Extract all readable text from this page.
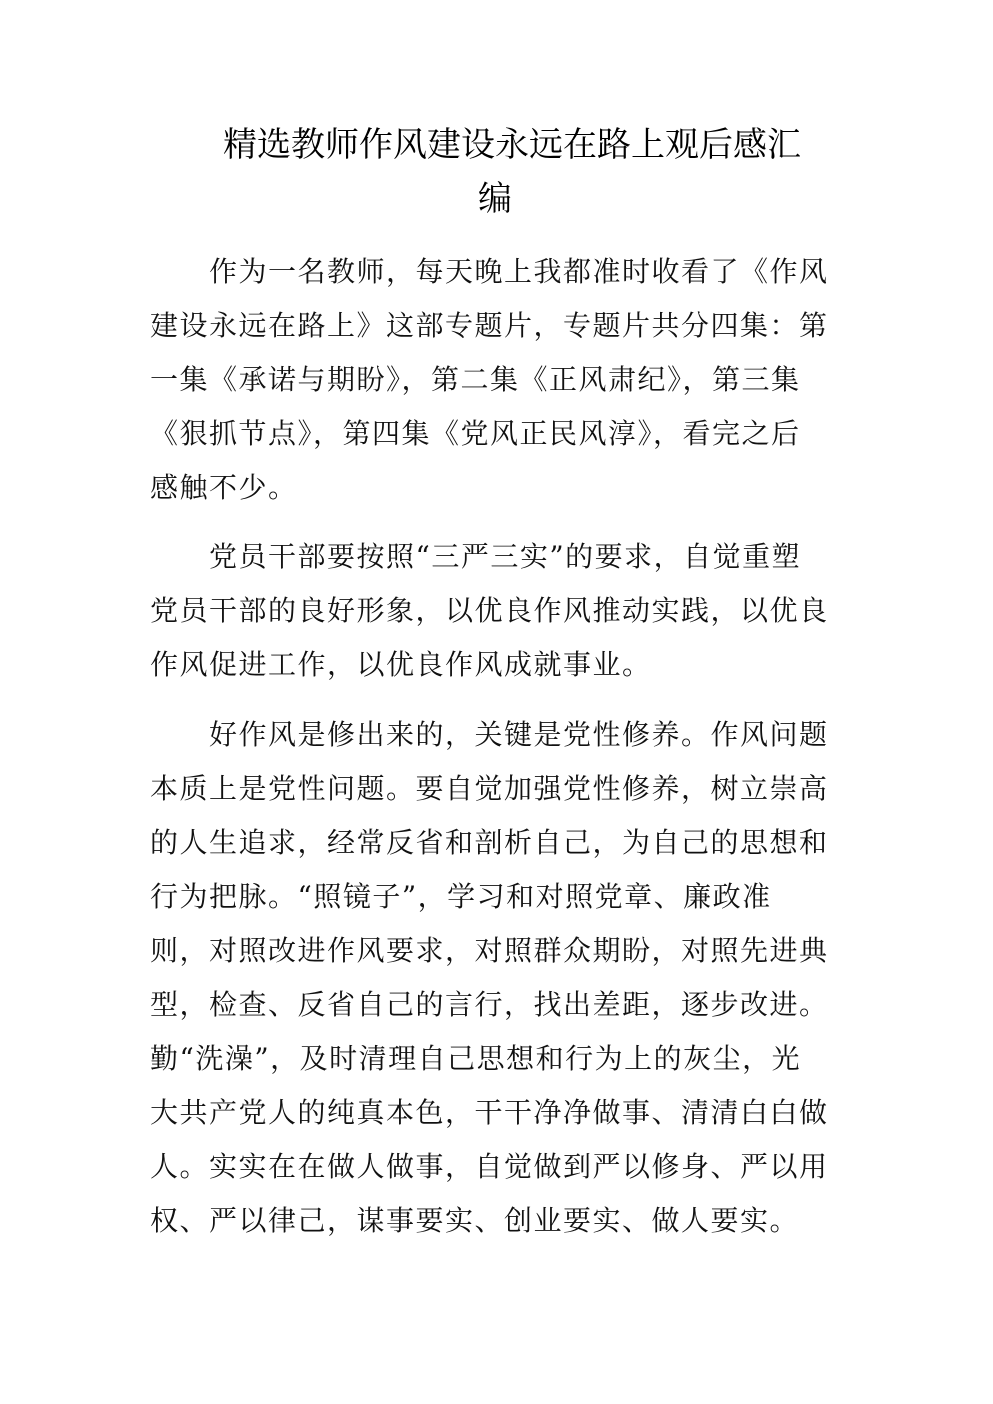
精选教师作风建设永远在路上观后感汇
编
　　作为一名教师，每天晚上我都准时收看了《作风
建设永远在路上》这部专题片，专题片共分四集：第
一集《承诺与期盼》，第二集《正风肃纪》，第三集
《狠抓节点》，第四集《党风正民风淳》，看完之后
感触不少。
　　党员干部要按照“三严三实”的要求，自觉重塑
党员干部的良好形象，以优良作风推动实践，以优良
作风促进工作，以优良作风成就事业。
　　好作风是修出来的，关键是党性修养。作风问题
本质上是党性问题。要自觉加强党性修养，树立崇高
的人生追求，经常反省和剖析自己，为自己的思想和
行为把脉。“照镜子”，学习和对照党章、廉政准
则，对照改进作风要求，对照群众期盼，对照先进典
型，检查、反省自己的言行，找出差距，逐步改进。
勤“洗澡”，及时清理自己思想和行为上的灰尘，光
大共产党人的纯真本色，干干净净做事、清清白白做
人。实实在在做人做事，自觉做到严以修身、严以用
权、严以律己，谋事要实、创业要实、做人要实。
